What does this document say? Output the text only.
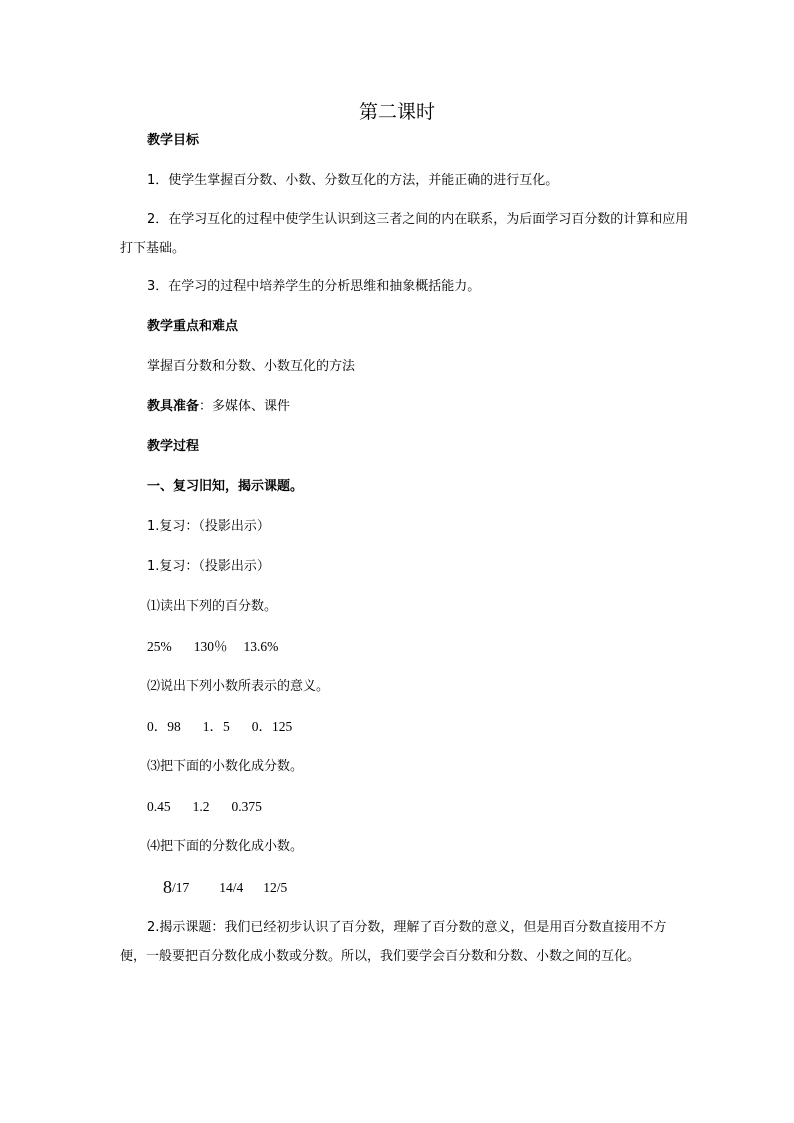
第二课时
教学目标
1．使学生掌握百分数、小数、分数互化的方法，并能正确的进行互化。
2．在学习互化的过程中使学生认识到这三者之间的内在联系，为后面学习百分数的计算和应用打下基础。
3．在学习的过程中培养学生的分析思维和抽象概括能力。
教学重点和难点
掌握百分数和分数、小数互化的方法
教具准备：多媒体、课件
教学过程
一、复习旧知，揭示课题。
1.复习：（投影出示）
1.复习：（投影出示）
⑴读出下列的百分数。
25% 130％ 13.6%
⑵说出下列小数所表示的意义。
0．98 1．5 0．125
⑶把下面的小数化成分数。
0.45 1.2 0.375
⑷把下面的分数化成小数。
8/17 14/4 12/5
2.揭示课题：我们已经初步认识了百分数，理解了百分数的意义，但是用百分数直接用不方便，一般要把百分数化成小数或分数。所以，我们要学会百分数和分数、小数之间的互化。
